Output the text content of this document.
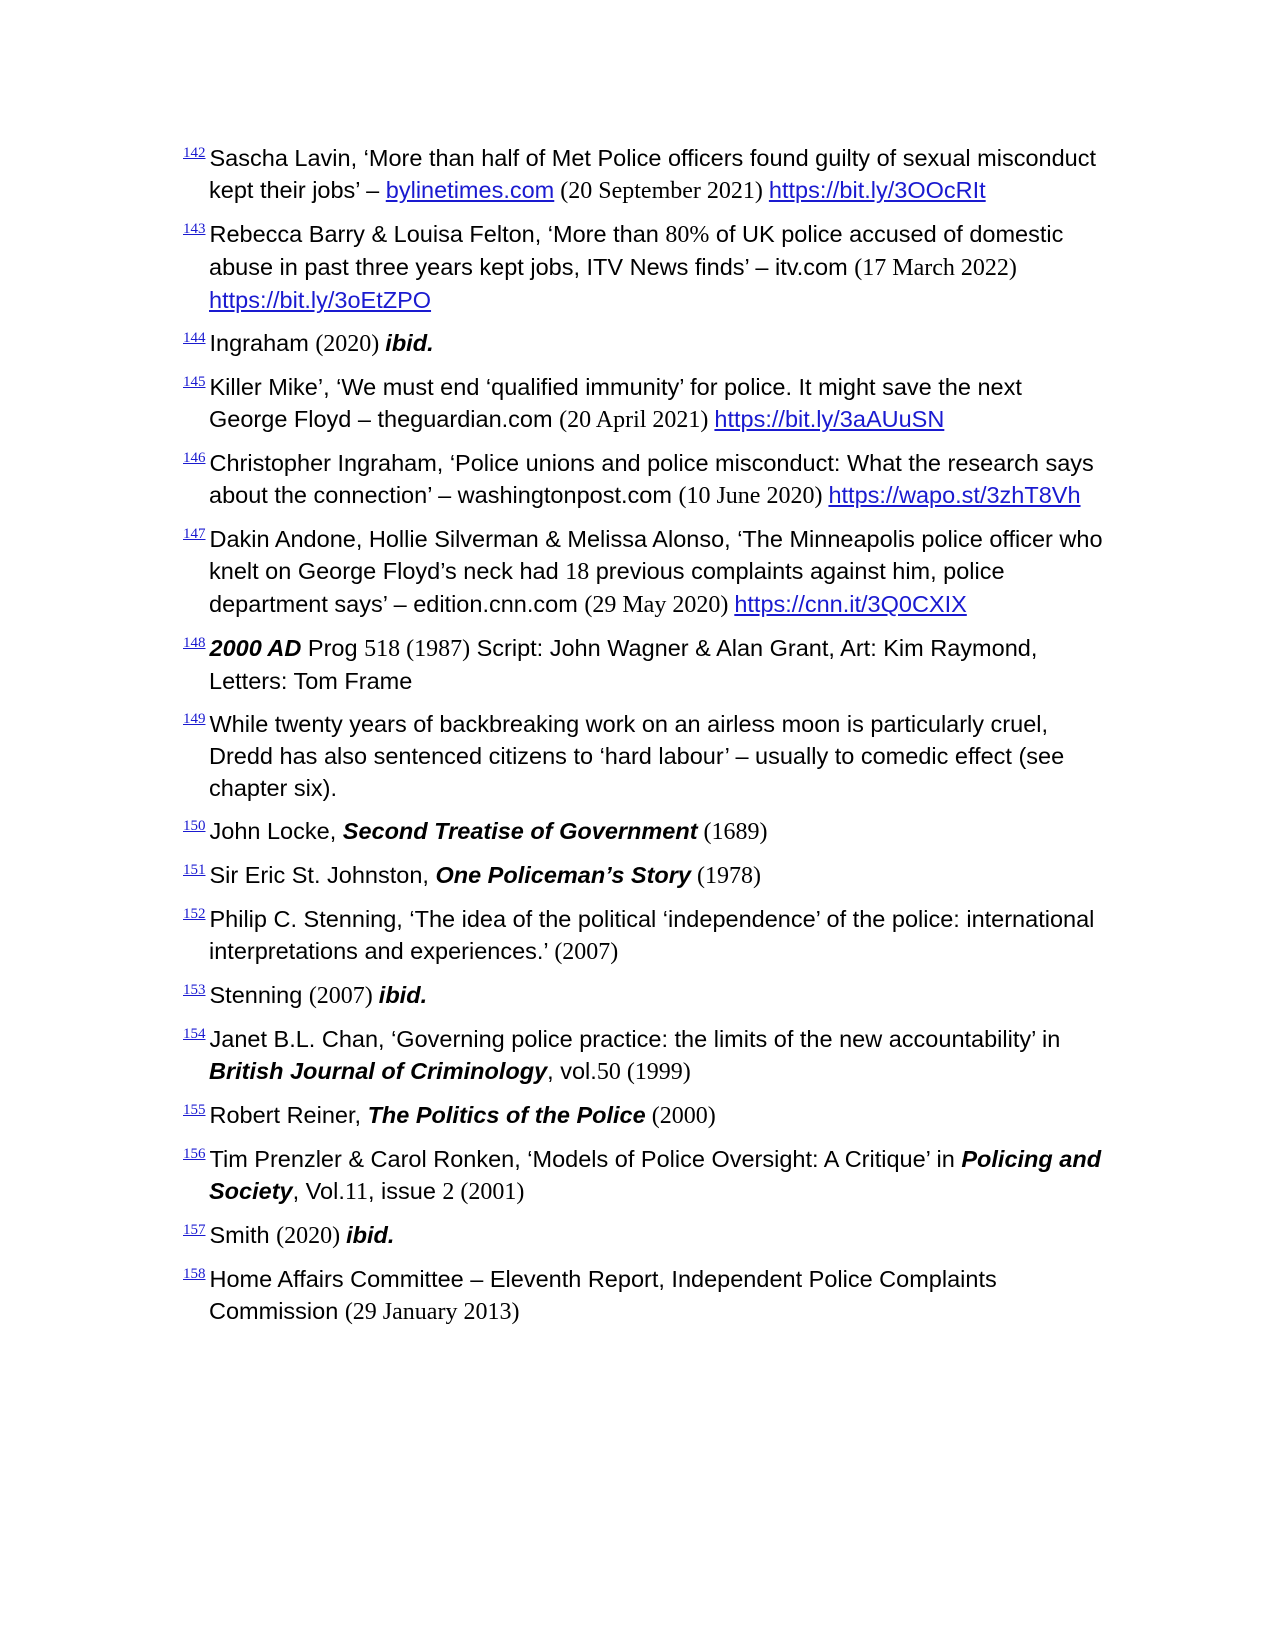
$^{142}$ Sascha Lavin, ‘More than half of Met Police officers found guilty of sexual misconduct kept their jobs’ – bylinetimes.com (20 September 2021) https://bit.ly/3OOcRIt

$^{143}$ Rebecca Barry & Louisa Felton, ‘More than 80% of UK police accused of domestic abuse in past three years kept jobs, ITV News finds’ – itv.com (17 March 2022) https://bit.ly/3oEtZPO

$^{144}$ Ingraham (2020) ibid.

$^{145}$ Killer Mike’, ‘We must end ‘qualified immunity’ for police. It might save the next George Floyd – theguardian.com (20 April 2021) https://bit.ly/3aAUuSN

$^{146}$ Christopher Ingraham, ‘Police unions and police misconduct: What the research says about the connection’ – washingtonpost.com (10 June 2020) https://wapo.st/3zhT8Vh

$^{147}$ Dakin Andone, Hollie Silverman & Melissa Alonso, ‘The Minneapolis police officer who knelt on George Floyd’s neck had 18 previous complaints against him, police department says’ – edition.cnn.com (29 May 2020) https://cnn.it/3Q0CXIX

$^{148}$ 2000 AD Prog 518 (1987) Script: John Wagner & Alan Grant, Art: Kim Raymond, Letters: Tom Frame

$^{149}$ While twenty years of backbreaking work on an airless moon is particularly cruel, Dredd has also sentenced citizens to ‘hard labour’ – usually to comedic effect (see chapter six).

$^{150}$ John Locke, Second Treatise of Government (1689)

$^{151}$ Sir Eric St. Johnston, One Policeman’s Story (1978)

$^{152}$ Philip C. Stenning, ‘The idea of the political ‘independence’ of the police: international interpretations and experiences.’ (2007)

$^{153}$ Stenning (2007) ibid.

$^{154}$ Janet B.L. Chan, ‘Governing police practice: the limits of the new accountability’ in British Journal of Criminology, vol.50 (1999)

$^{155}$ Robert Reiner, The Politics of the Police (2000)

$^{156}$ Tim Prenzler & Carol Ronken, ‘Models of Police Oversight: A Critique’ in Policing and Society, Vol.11, issue 2 (2001)

$^{157}$ Smith (2020) ibid.

$^{158}$ Home Affairs Committee – Eleventh Report, Independent Police Complaints Commission (29 January 2013)
